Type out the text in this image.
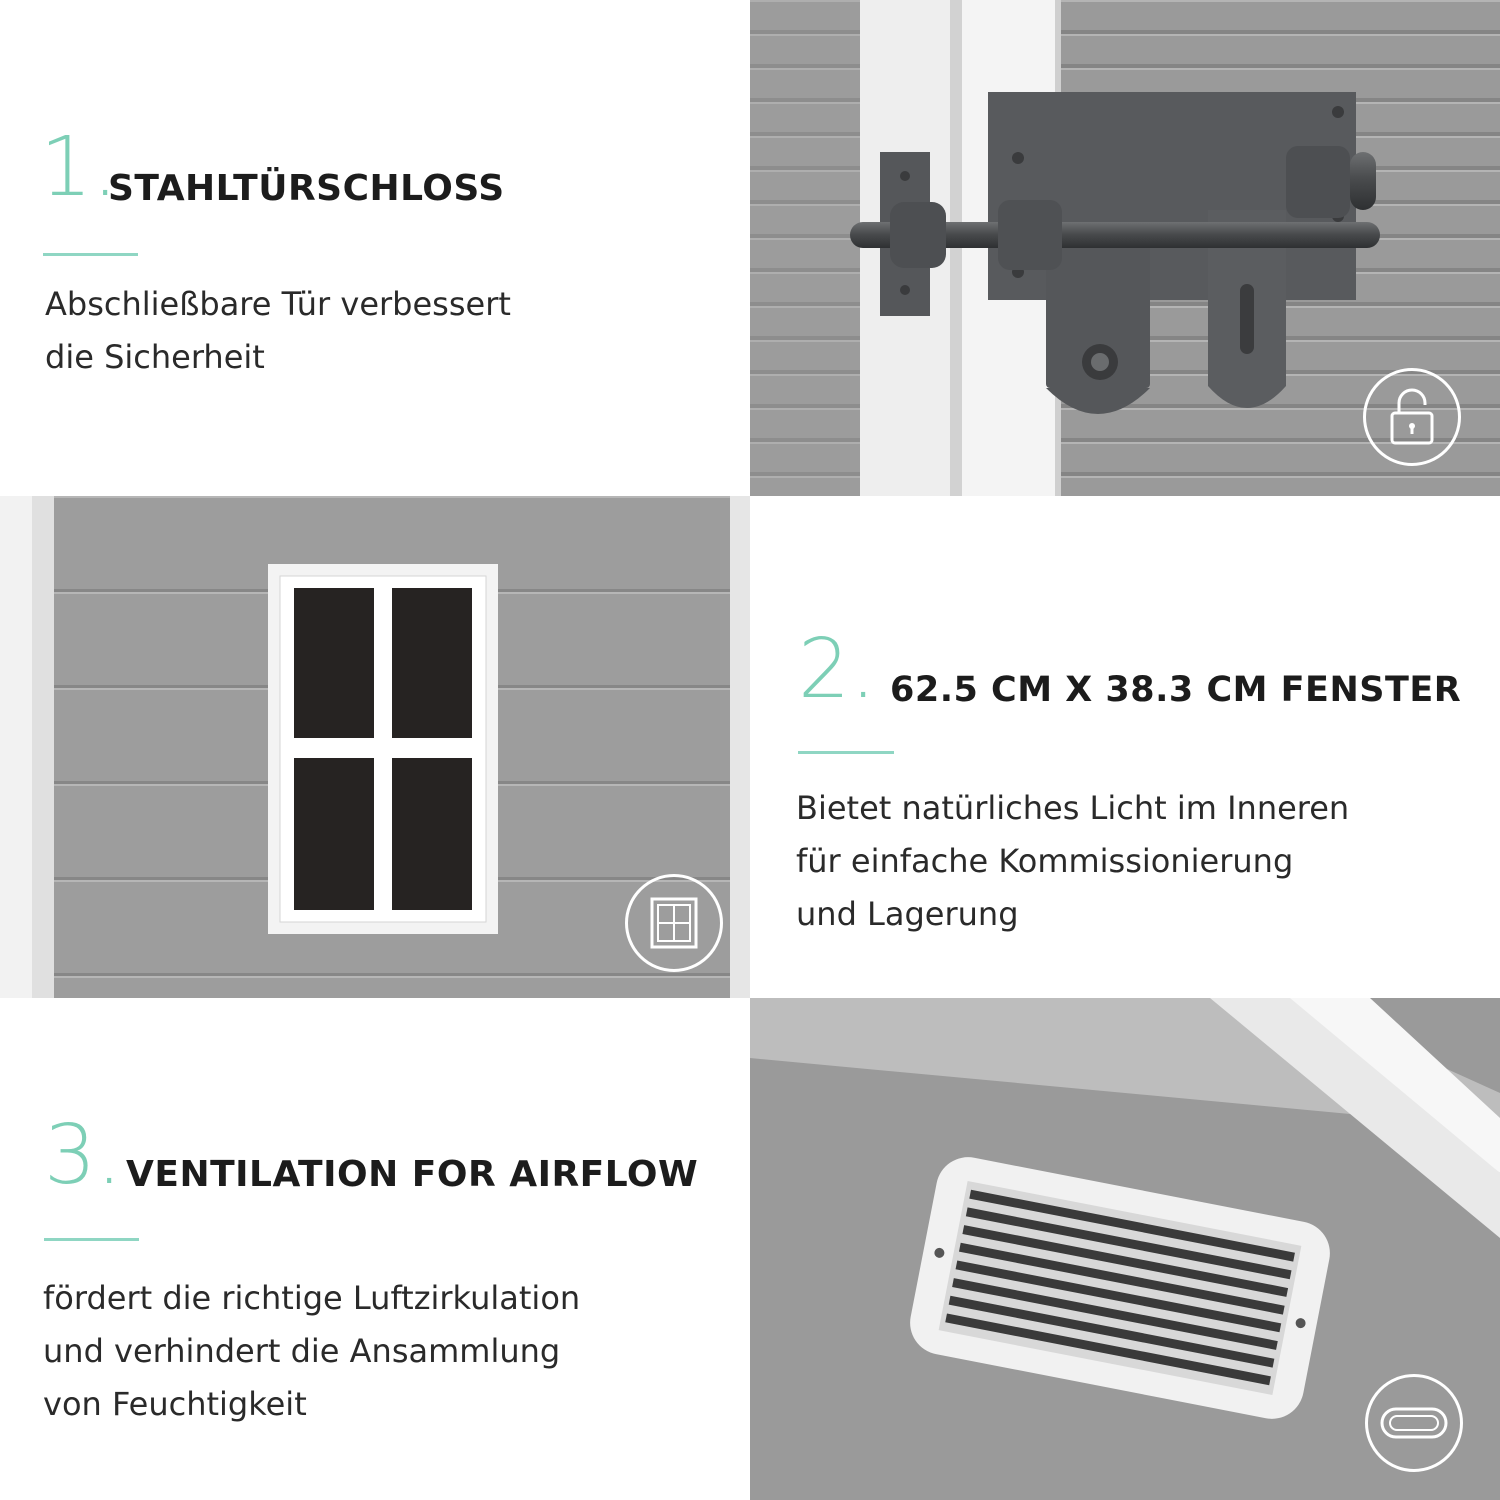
1.
STAHLTÜRSCHLOSS
Abschließbare Tür verbessert
die Sicherheit
2. 62.5 CM X 38.3 CM FENSTER
Bietet natürliches Licht im Inneren
für einfache Kommissionierung
und Lagerung
3. VENTILATION FOR AIRFLOW
fördert die richtige Luftzirkulation
und verhindert die Ansammlung
von Feuchtigkeit
